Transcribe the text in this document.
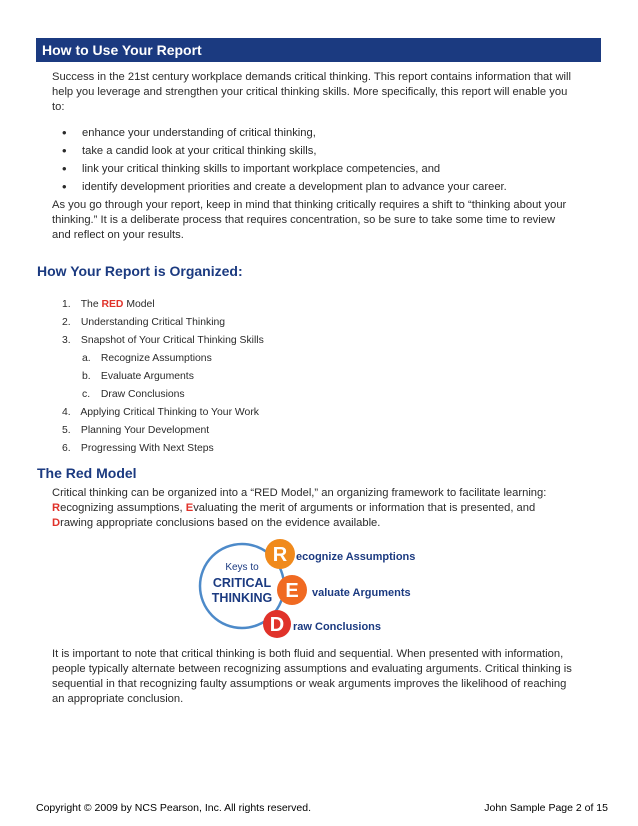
How to Use Your Report

Success in the 21st century workplace demands critical thinking. This report contains information that will help you leverage and strengthen your critical thinking skills. More specifically, this report will enable you to:

• enhance your understanding of critical thinking,
• take a candid look at your critical thinking skills,
• link your critical thinking skills to important workplace competencies, and
• identify development priorities and create a development plan to advance your career.

As you go through your report, keep in mind that thinking critically requires a shift to “thinking about your thinking.” It is a deliberate process that requires concentration, so be sure to take some time to review and reflect on your results.

How Your Report is Organized:
1. The RED Model
2. Understanding Critical Thinking
3. Snapshot of Your Critical Thinking Skills
a. Recognize Assumptions
b. Evaluate Arguments
c. Draw Conclusions
4. Applying Critical Thinking to Your Work
5. Planning Your Development
6. Progressing With Next Steps
The Red Model

Critical thinking can be organized into a “RED Model,” an organizing framework to facilitate learning: Recognizing assumptions, Evaluating the merit of arguments or information that is presented, and Drawing appropriate conclusions based on the evidence available.

Keys to
CRITICAL
THINKING
R ecognize Assumptions
E valuate Arguments
D raw Conclusions

It is important to note that critical thinking is both fluid and sequential. When presented with information, people typically alternate between recognizing assumptions and evaluating arguments. Critical thinking is sequential in that recognizing faulty assumptions or weak arguments improves the likelihood of reaching an appropriate conclusion.

Copyright © 2009 by NCS Pearson, Inc. All rights reserved.	John Sample Page 2 of 15
